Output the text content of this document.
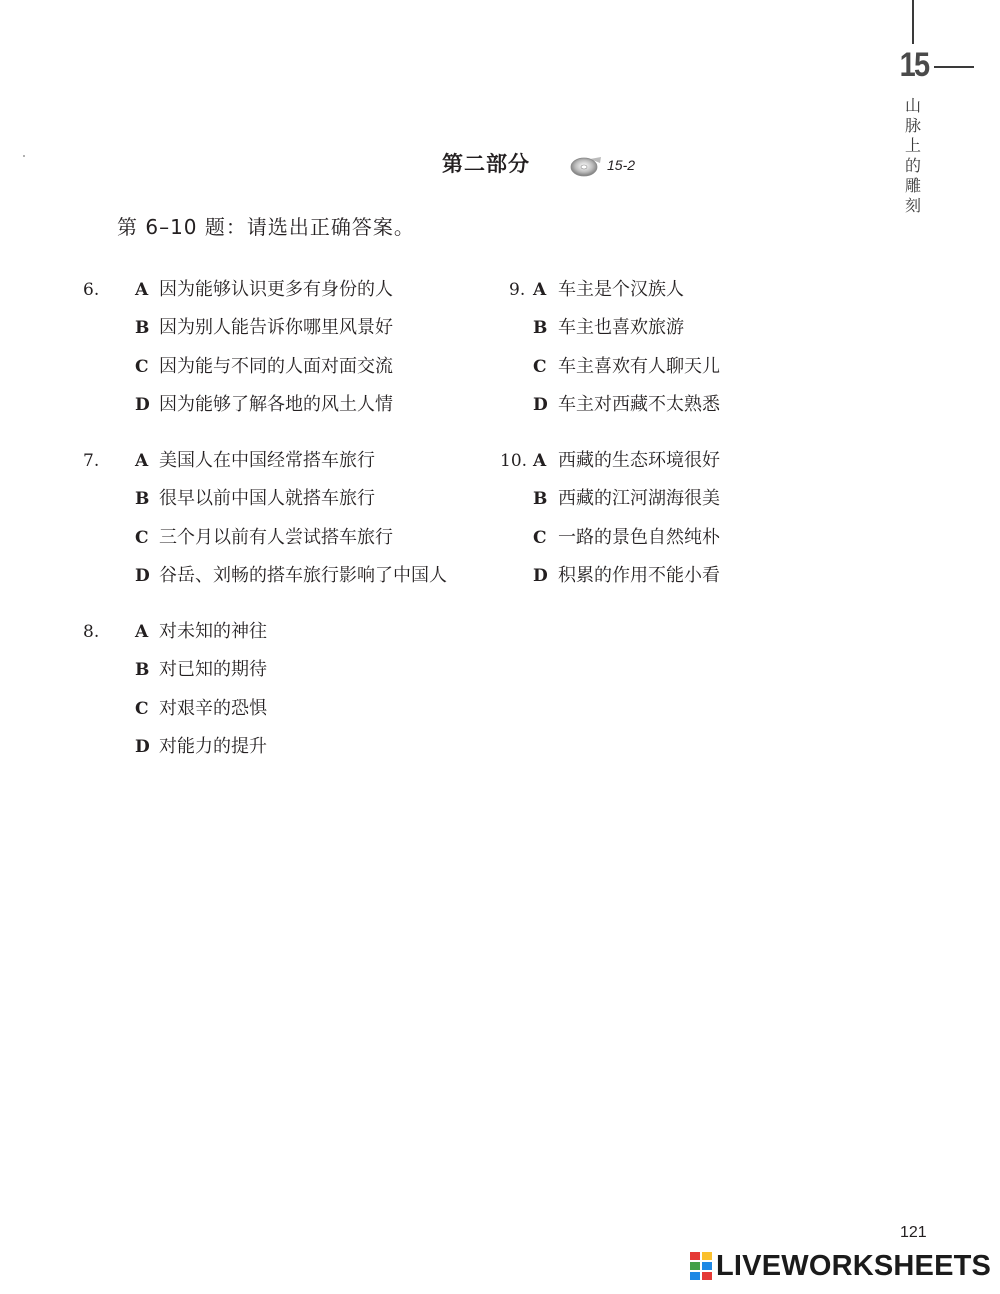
15
山脉上的雕刻
第二部分	15-2
第 6–10 题：请选出正确答案。
6. A 因为能够认识更多有身份的人
B 因为别人能告诉你哪里风景好
C 因为能与不同的人面对面交流
D 因为能够了解各地的风土人情
7. A 美国人在中国经常搭车旅行
B 很早以前中国人就搭车旅行
C 三个月以前有人尝试搭车旅行
D 谷岳、刘畅的搭车旅行影响了中国人
8. A 对未知的神往
B 对已知的期待
C 对艰辛的恐惧
D 对能力的提升
9. A 车主是个汉族人
B 车主也喜欢旅游
C 车主喜欢有人聊天儿
D 车主对西藏不太熟悉
10. A 西藏的生态环境很好
B 西藏的江河湖海很美
C 一路的景色自然纯朴
D 积累的作用不能小看
121
LIVEWORKSHEETS
